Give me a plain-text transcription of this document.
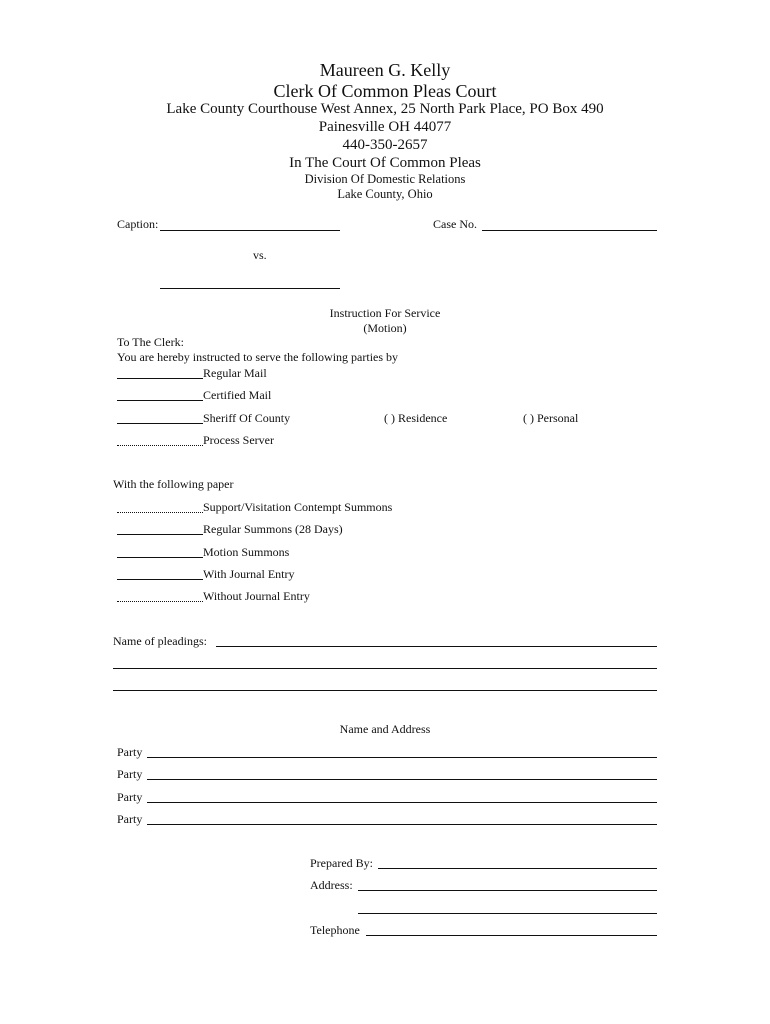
Maureen G. Kelly
Clerk Of Common Pleas Court
Lake County Courthouse West Annex, 25 North Park Place, PO Box 490
Painesville OH 44077
440-350-2657
In The Court Of Common Pleas
Division Of Domestic Relations
Lake County, Ohio
Caption:	Case No.
vs.
Instruction For Service
(Motion)
To The Clerk:
You are hereby instructed to serve the following parties by
Regular Mail
Certified Mail
Sheriff Of County	( ) Residence	( ) Personal
Process Server
With the following paper
Support/Visitation Contempt Summons
Regular Summons (28 Days)
Motion Summons
With Journal Entry
Without Journal Entry
Name of pleadings:
Name and Address
Party
Party
Party
Party
Prepared By:
Address:
Telephone
